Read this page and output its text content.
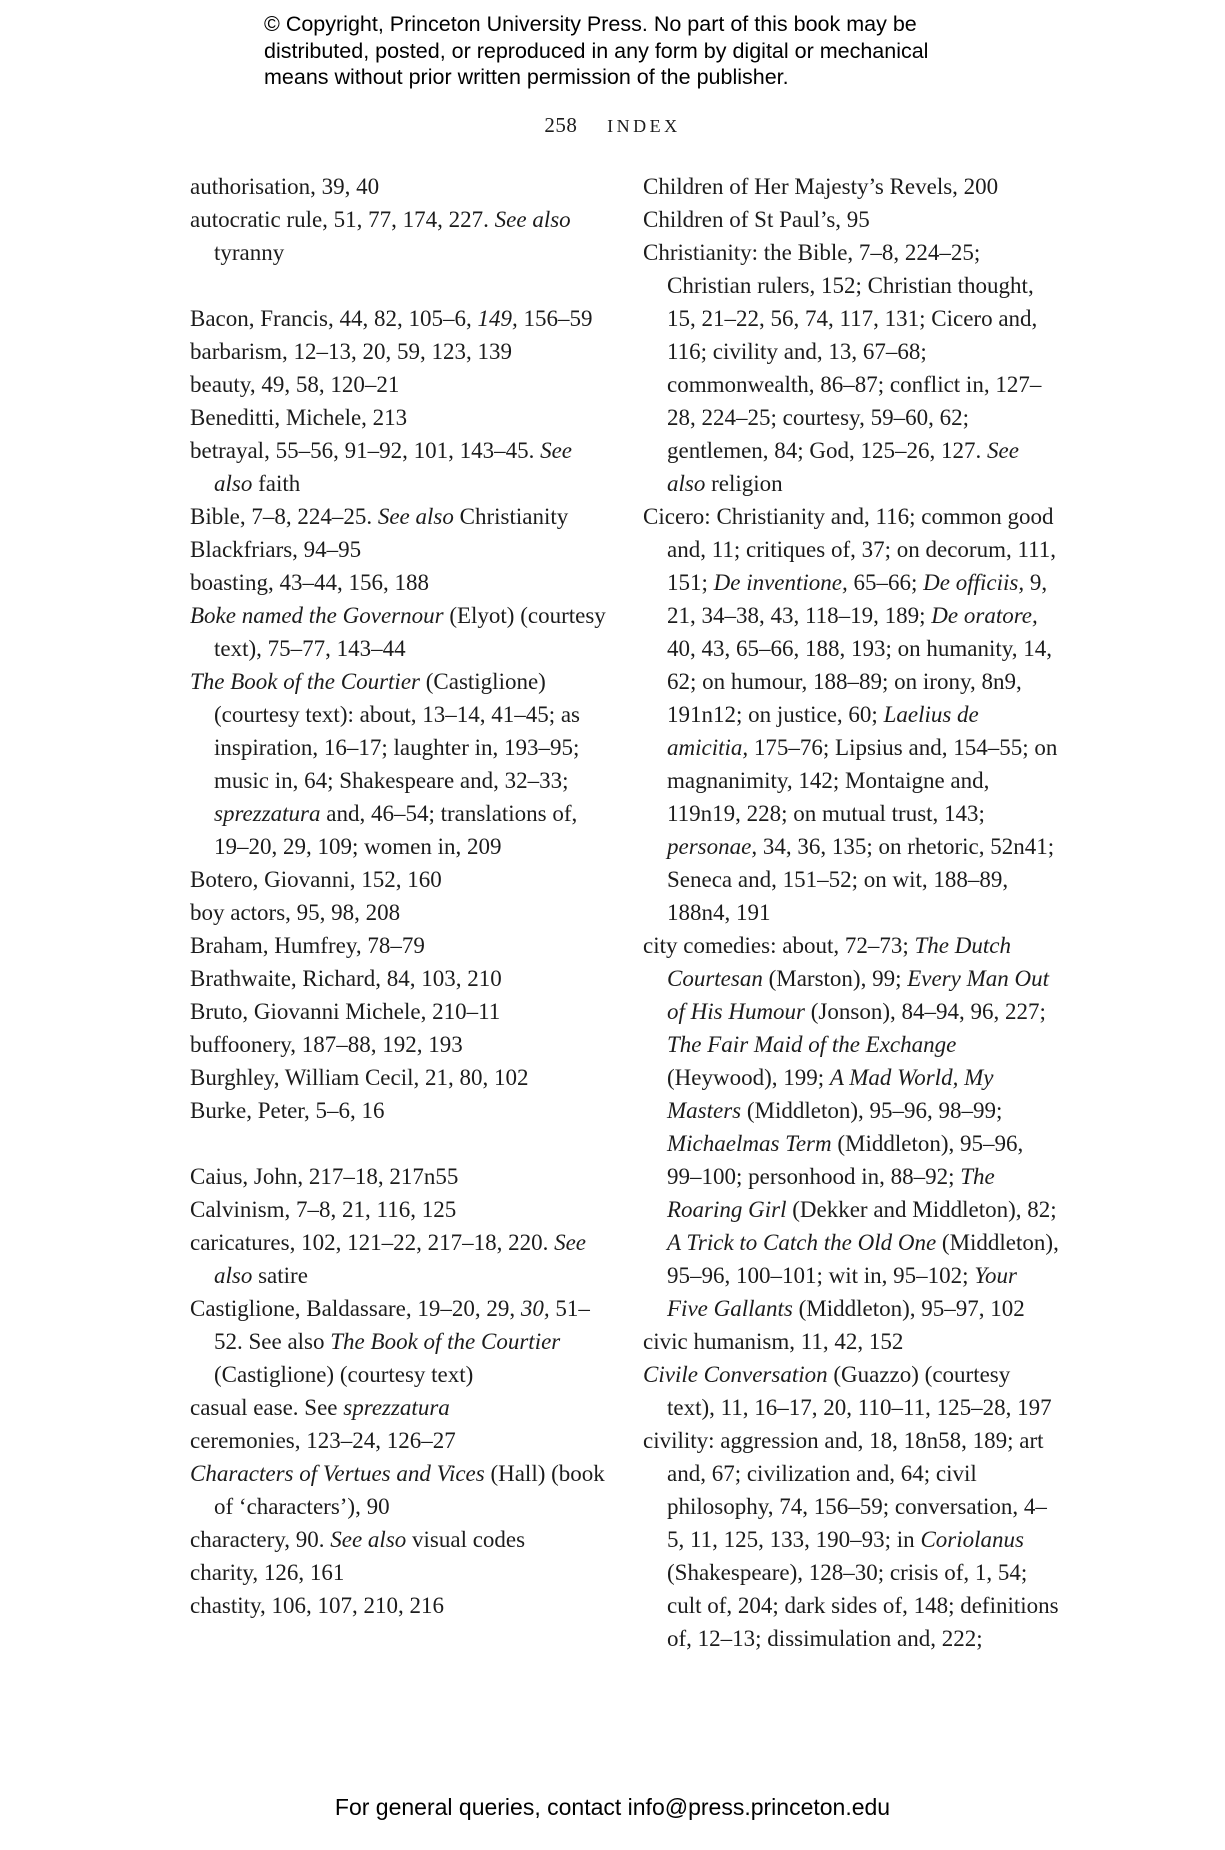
© Copyright, Princeton University Press. No part of this book may be
distributed, posted, or reproduced in any form by digital or mechanical
means without prior written permission of the publisher.
258 INDEX

authorisation, 39, 40

autocratic rule, 51, 77, 174, 227. See also tyranny

Bacon, Francis, 44, 82, 105–6, 149, 156–59

barbarism, 12–13, 20, 59, 123, 139

beauty, 49, 58, 120–21

Beneditti, Michele, 213

betrayal, 55–56, 91–92, 101, 143–45. See also faith

Bible, 7–8, 224–25. See also Christianity

Blackfriars, 94–95

boasting, 43–44, 156, 188

Boke named the Governour (Elyot) (courtesy text), 75–77, 143–44

The Book of the Courtier (Castiglione) (courtesy text): about, 13–14, 41–45; as inspiration, 16–17; laughter in, 193–95; music in, 64; Shakespeare and, 32–33; sprezzatura and, 46–54; translations of, 19–20, 29, 109; women in, 209

Botero, Giovanni, 152, 160

boy actors, 95, 98, 208

Braham, Humfrey, 78–79

Brathwaite, Richard, 84, 103, 210

Bruto, Giovanni Michele, 210–11

buffoonery, 187–88, 192, 193

Burghley, William Cecil, 21, 80, 102

Burke, Peter, 5–6, 16

Caius, John, 217–18, 217n55

Calvinism, 7–8, 21, 116, 125

caricatures, 102, 121–22, 217–18, 220. See also satire

Castiglione, Baldassare, 19–20, 29, 30, 51–52. See also The Book of the Courtier (Castiglione) (courtesy text)

casual ease. See sprezzatura

ceremonies, 123–24, 126–27

Characters of Vertues and Vices (Hall) (book of ‘characters’), 90

charactery, 90. See also visual codes

charity, 126, 161

chastity, 106, 107, 210, 216

Children of Her Majesty’s Revels, 200

Children of St Paul’s, 95

Christianity: the Bible, 7–8, 224–25; Christian rulers, 152; Christian thought, 15, 21–22, 56, 74, 117, 131; Cicero and, 116; civility and, 13, 67–68; commonwealth, 86–87; conflict in, 127–28, 224–25; courtesy, 59–60, 62; gentlemen, 84; God, 125–26, 127. See also religion

Cicero: Christianity and, 116; common good and, 11; critiques of, 37; on decorum, 111, 151; De inventione, 65–66; De officiis, 9, 21, 34–38, 43, 118–19, 189; De oratore, 40, 43, 65–66, 188, 193; on humanity, 14, 62; on humour, 188–89; on irony, 8n9, 191n12; on justice, 60; Laelius de amicitia, 175–76; Lipsius and, 154–55; on magnanimity, 142; Montaigne and, 119n19, 228; on mutual trust, 143; personae, 34, 36, 135; on rhetoric, 52n41; Seneca and, 151–52; on wit, 188–89, 188n4, 191

city comedies: about, 72–73; The Dutch Courtesan (Marston), 99; Every Man Out of His Humour (Jonson), 84–94, 96, 227; The Fair Maid of the Exchange (Heywood), 199; A Mad World, My Masters (Middleton), 95–96, 98–99; Michaelmas Term (Middleton), 95–96, 99–100; personhood in, 88–92; The Roaring Girl (Dekker and Middleton), 82; A Trick to Catch the Old One (Middleton), 95–96, 100–101; wit in, 95–102; Your Five Gallants (Middleton), 95–97, 102

civic humanism, 11, 42, 152

Civile Conversation (Guazzo) (courtesy text), 11, 16–17, 20, 110–11, 125–28, 197

civility: aggression and, 18, 18n58, 189; art and, 67; civilization and, 64; civil philosophy, 74, 156–59; conversation, 4–5, 11, 125, 133, 190–93; in Coriolanus (Shakespeare), 128–30; crisis of, 1, 54; cult of, 204; dark sides of, 148; definitions of, 12–13; dissimulation and, 222;

For general queries, contact info@press.princeton.edu
